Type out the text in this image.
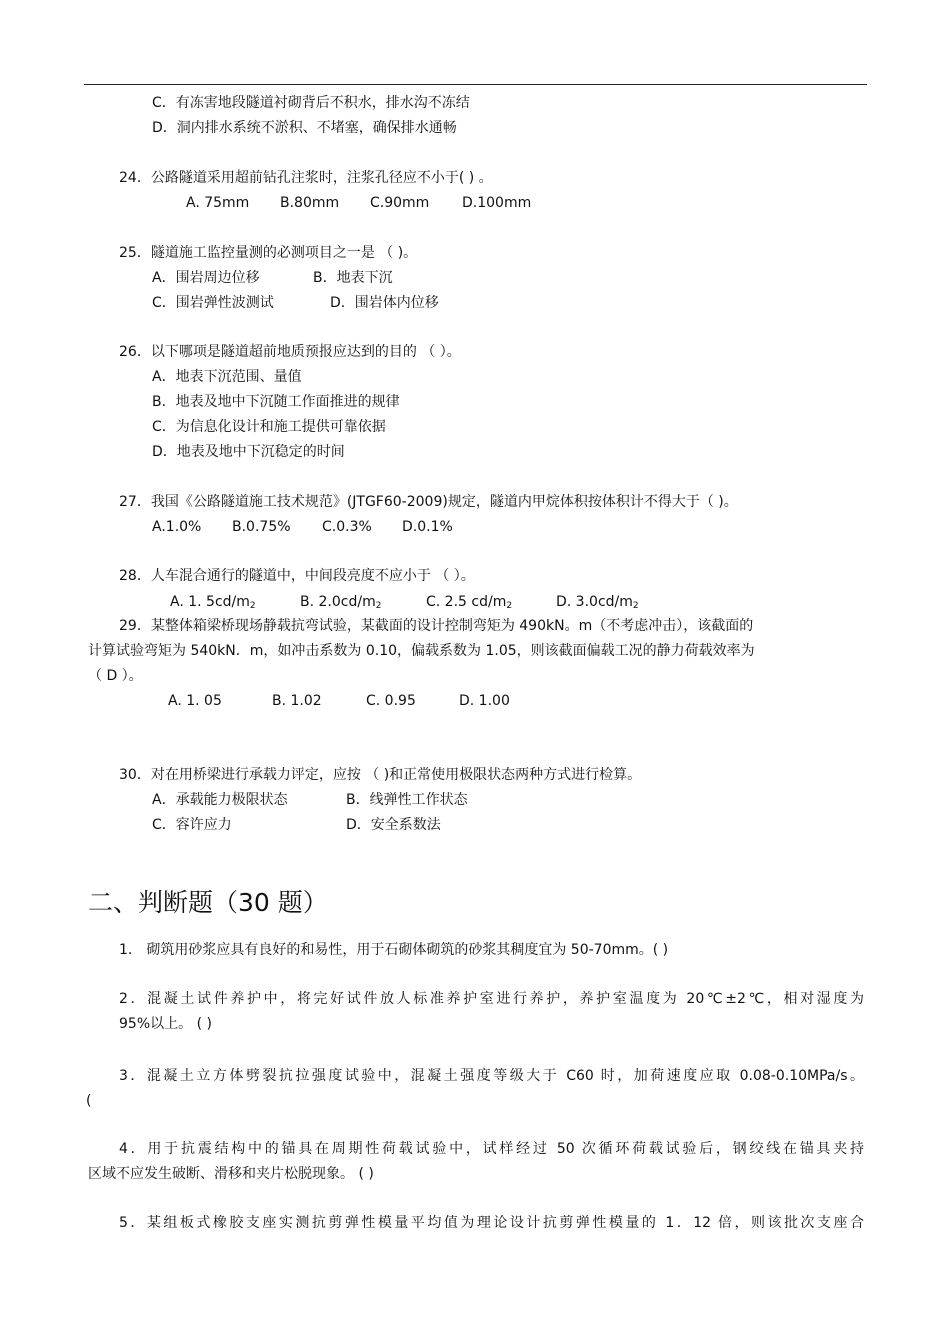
C．有冻害地段隧道衬砌背后不积水，排水沟不冻结
D．洞内排水系统不淤积、不堵塞，确保排水通畅
24．公路隧道采用超前钻孔注浆时，注浆孔径应不小于( ) 。
A. 75mm B.80mm C.90mm D.100mm
25．隧道施工监控量测的必测项目之一是 （ )。
A．围岩周边位移	B．地表下沉
C．围岩弹性波测试	D．围岩体内位移
26．以下哪项是隧道超前地质预报应达到的目的 （ ）。
A．地表下沉范围、量值
B．地表及地中下沉随工作面推进的规律
C．为信息化设计和施工提供可靠依据
D．地表及地中下沉稳定的时间
27．我国《公路隧道施工技术规范》(JTGF60-2009)规定，隧道内甲烷体积按体积计不得大于（ )。
A.1.0% B.0.75% C.0.3% D.0.1%
28．人车混合通行的隧道中，中间段亮度不应小于 （ ）。
A. 1. $5cd/m_2$	B. $2.0cd/m_2$	C. 2.5 $cd/m_2$	D. $3.0cd/m_2$
29．某整体箱梁桥现场静载抗弯试验，某截面的设计控制弯矩为 490kN。m（不考虑冲击），该截面的
计算试验弯矩为 540kN．m，如冲击系数为 0.10，偏载系数为 1.05，则该截面偏载工况的静力荷载效率为
（ D ）。
A. 1. 05	B. 1.02	C. 0.95	D. 1.00
30．对在用桥梁进行承载力评定，应按 （ )和正常使用极限状态两种方式进行检算。
A．承载能力极限状态	B．线弹性工作状态
C．容许应力	D．安全系数法
二、判断题（30 题）
1． 砌筑用砂浆应具有良好的和易性，用于石砌体砌筑的砂浆其稠度宜为 50-70mm。( )
2．混凝土试件养护中，将完好试件放人标准养护室进行养护，养护室温度为 20℃±2℃，相对湿度为
95%以上。 ( )
3．混凝土立方体劈裂抗拉强度试验中，混凝土强度等级大于 C60 时，加荷速度应取 0.08-0.10MPa/s。
(
4．用于抗震结构中的锚具在周期性荷载试验中，试样经过 50 次循环荷载试验后，钢绞线在锚具夹持
区域不应发生破断、滑移和夹片松脱现象。 ( )
5．某组板式橡胶支座实测抗剪弹性模量平均值为理论设计抗剪弹性模量的 1．12 倍，则该批次支座合
